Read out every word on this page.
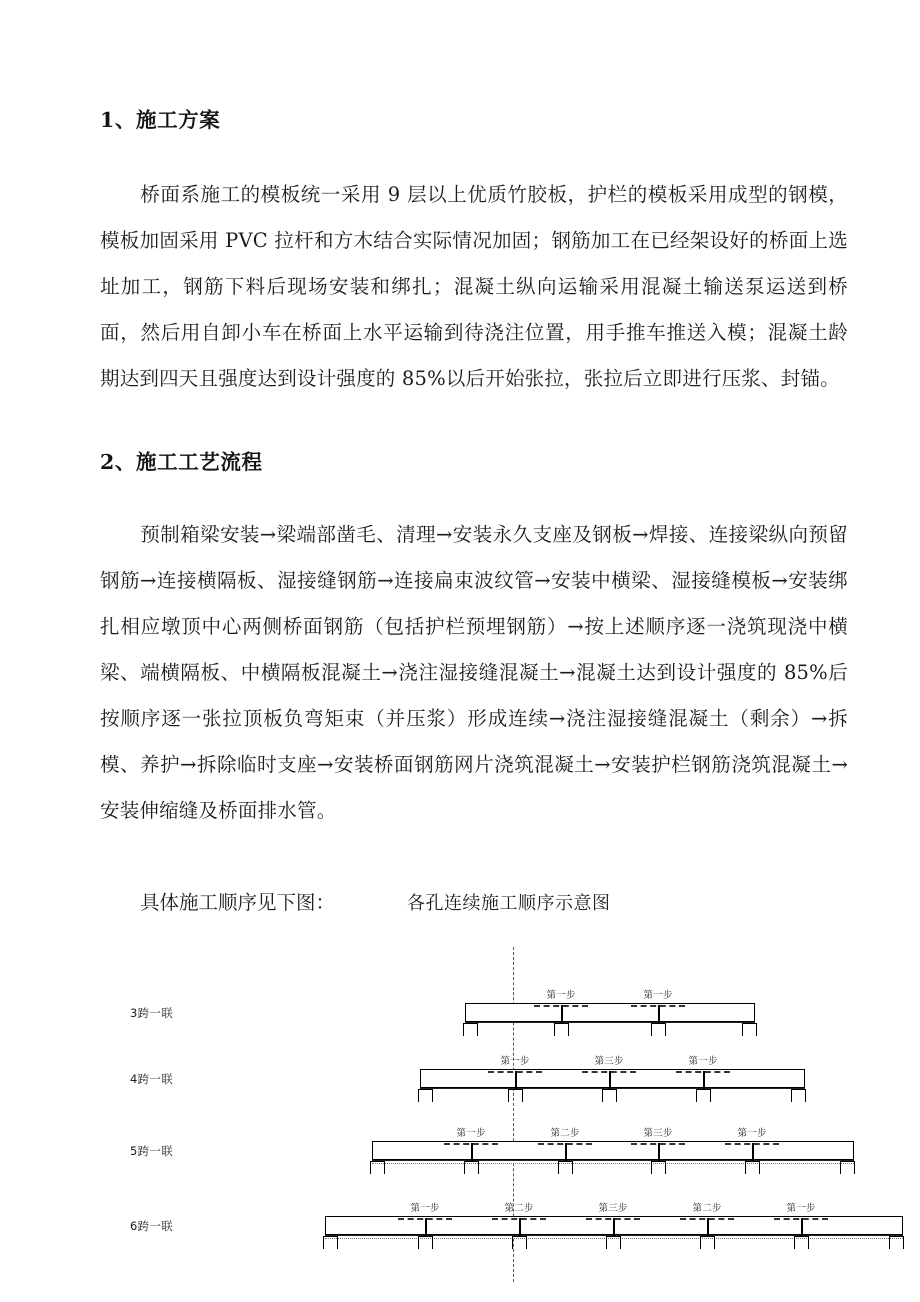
1、施工方案

桥面系施工的模板统一采用 9 层以上优质竹胶板，护栏的模板采用成型的钢模，模板加固采用 PVC 拉杆和方木结合实际情况加固；钢筋加工在已经架设好的桥面上选址加工，钢筋下料后现场安装和绑扎；混凝土纵向运输采用混凝土输送泵运送到桥面，然后用自卸小车在桥面上水平运输到待浇注位置，用手推车推送入模；混凝土龄期达到四天且强度达到设计强度的 85%以后开始张拉，张拉后立即进行压浆、封锚。

2、施工工艺流程

预制箱梁安装→梁端部凿毛、清理→安装永久支座及钢板→焊接、连接梁纵向预留钢筋→连接横隔板、湿接缝钢筋→连接扁束波纹管→安装中横梁、湿接缝模板→安装绑扎相应墩顶中心两侧桥面钢筋（包括护栏预埋钢筋）→按上述顺序逐一浇筑现浇中横梁、端横隔板、中横隔板混凝土→浇注湿接缝混凝土→混凝土达到设计强度的 85%后按顺序逐一张拉顶板负弯矩束（并压浆）形成连续→浇注湿接缝混凝土（剩余）→拆模、养护→拆除临时支座→安装桥面钢筋网片浇筑混凝土→安装护栏钢筋浇筑混凝土→安装伸缩缝及桥面排水管。

具体施工顺序见下图：	各孔连续施工顺序示意图
3跨一联
第一步	第一步
4跨一联
第一步	第三步	第一步
5跨一联
第一步	第二步	第三步	第一步
6跨一联
第一步	第二步	第三步	第二步	第一步
